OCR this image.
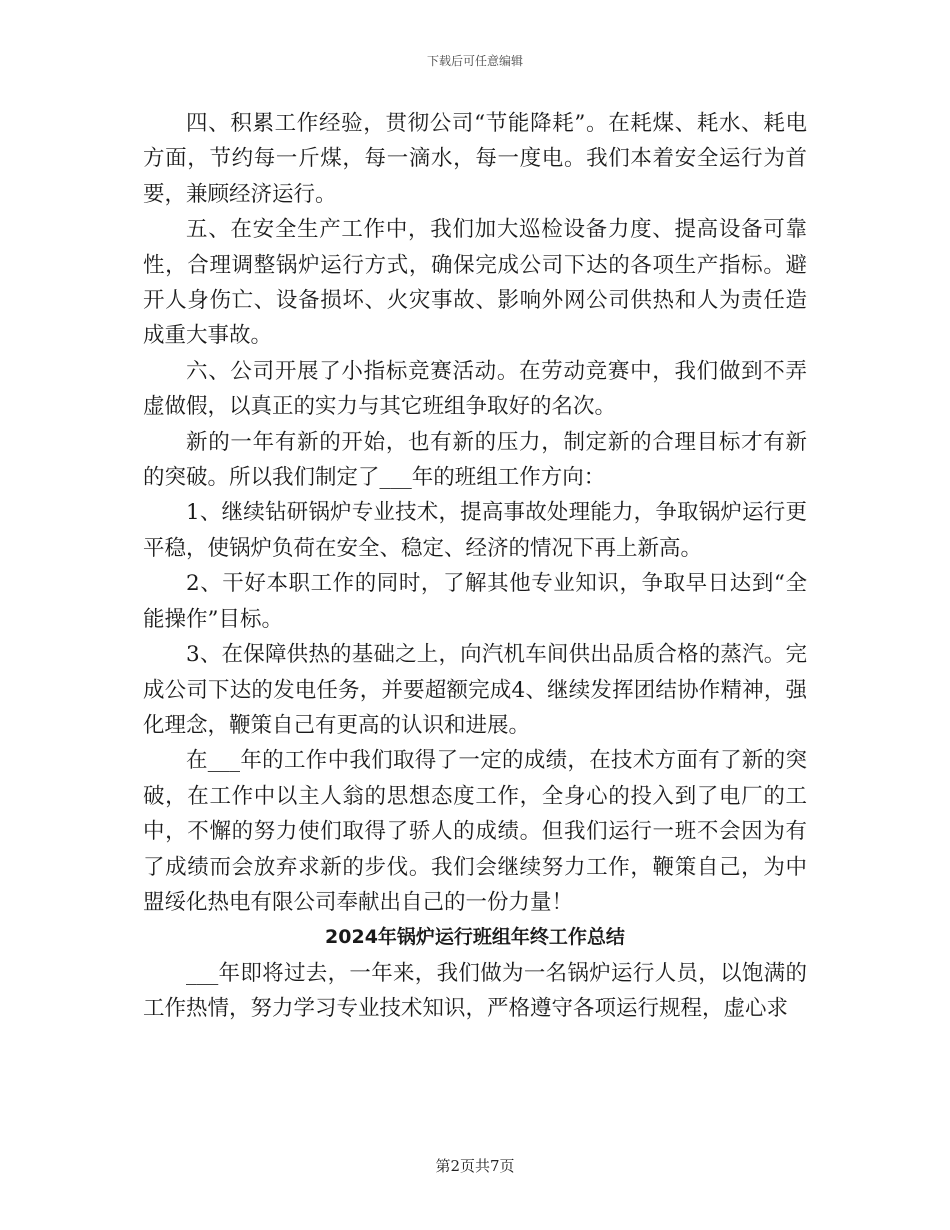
下载后可任意编辑

四、积累工作经验，贯彻公司“节能降耗”。在耗煤、耗水、耗电方面，节约每一斤煤，每一滴水，每一度电。我们本着安全运行为首要，兼顾经济运行。

五、在安全生产工作中，我们加大巡检设备力度、提高设备可靠性，合理调整锅炉运行方式，确保完成公司下达的各项生产指标。避开人身伤亡、设备损坏、火灾事故、影响外网公司供热和人为责任造成重大事故。

六、公司开展了小指标竞赛活动。在劳动竞赛中，我们做到不弄虚做假，以真正的实力与其它班组争取好的名次。

新的一年有新的开始，也有新的压力，制定新的合理目标才有新的突破。所以我们制定了___年的班组工作方向：

1、继续钻研锅炉专业技术，提高事故处理能力，争取锅炉运行更平稳，使锅炉负荷在安全、稳定、经济的情况下再上新高。

2、干好本职工作的同时，了解其他专业知识，争取早日达到“全能操作”目标。

3、在保障供热的基础之上，向汽机车间供出品质合格的蒸汽。完成公司下达的发电任务，并要超额完成4、继续发挥团结协作精神，强化理念，鞭策自己有更高的认识和进展。

在___年的工作中我们取得了一定的成绩，在技术方面有了新的突破，在工作中以主人翁的思想态度工作，全身心的投入到了电厂的工中，不懈的努力使们取得了骄人的成绩。但我们运行一班不会因为有了成绩而会放弃求新的步伐。我们会继续努力工作，鞭策自己，为中盟绥化热电有限公司奉献出自己的一份力量！

2024年锅炉运行班组年终工作总结

___年即将过去，一年来，我们做为一名锅炉运行人员，以饱满的工作热情，努力学习专业技术知识，严格遵守各项运行规程，虚心求

第2页共7页
